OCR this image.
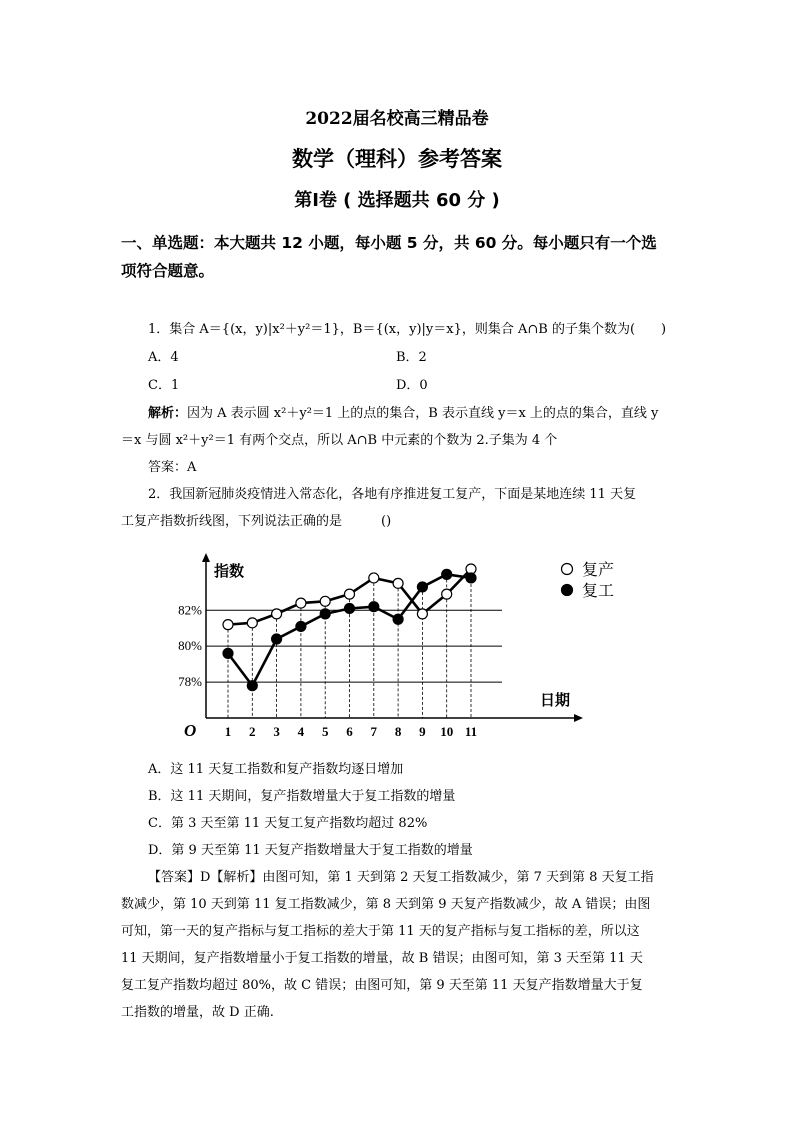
2022届名校高三精品卷
数学（理科）参考答案
第Ⅰ卷 ( 选择题共 60 分 )
一、单选题：本大题共 12 小题，每小题 5 分，共 60 分。每小题只有一个选
项符合题意。
1．集合 A＝{(x，y)|x²＋y²＝1}，B＝{(x，y)|y＝x}，则集合 A∩B 的子集个数为(　　)
A．4	B．2
C．1	D．0
解析：因为 A 表示圆 x²＋y²＝1 上的点的集合，B 表示直线 y＝x 上的点的集合，直线 y
＝x 与圆 x²＋y²＝1 有两个交点，所以 A∩B 中元素的个数为 2.子集为 4 个
答案：A
2．我国新冠肺炎疫情进入常态化，各地有序推进复工复产，下面是某地连续 11 天复
工复产指数折线图，下列说法正确的是　　　()
78%
80%
82%
指数
日期
O 1 2 3 4 5 6 7 8 9 10 11
复产
复工
A．这 11 天复工指数和复产指数均逐日增加
B．这 11 天期间，复产指数增量大于复工指数的增量
C．第 3 天至第 11 天复工复产指数均超过 82%
D．第 9 天至第 11 天复产指数增量大于复工指数的增量
【答案】D【解析】由图可知，第 1 天到第 2 天复工指数减少，第 7 天到第 8 天复工指
数减少，第 10 天到第 11 复工指数减少，第 8 天到第 9 天复产指数减少，故 A 错误；由图
可知，第一天的复产指标与复工指标的差大于第 11 天的复产指标与复工指标的差，所以这
11 天期间，复产指数增量小于复工指数的增量，故 B 错误；由图可知，第 3 天至第 11 天
复工复产指数均超过 80%，故 C 错误；由图可知，第 9 天至第 11 天复产指数增量大于复
工指数的增量，故 D 正确.
